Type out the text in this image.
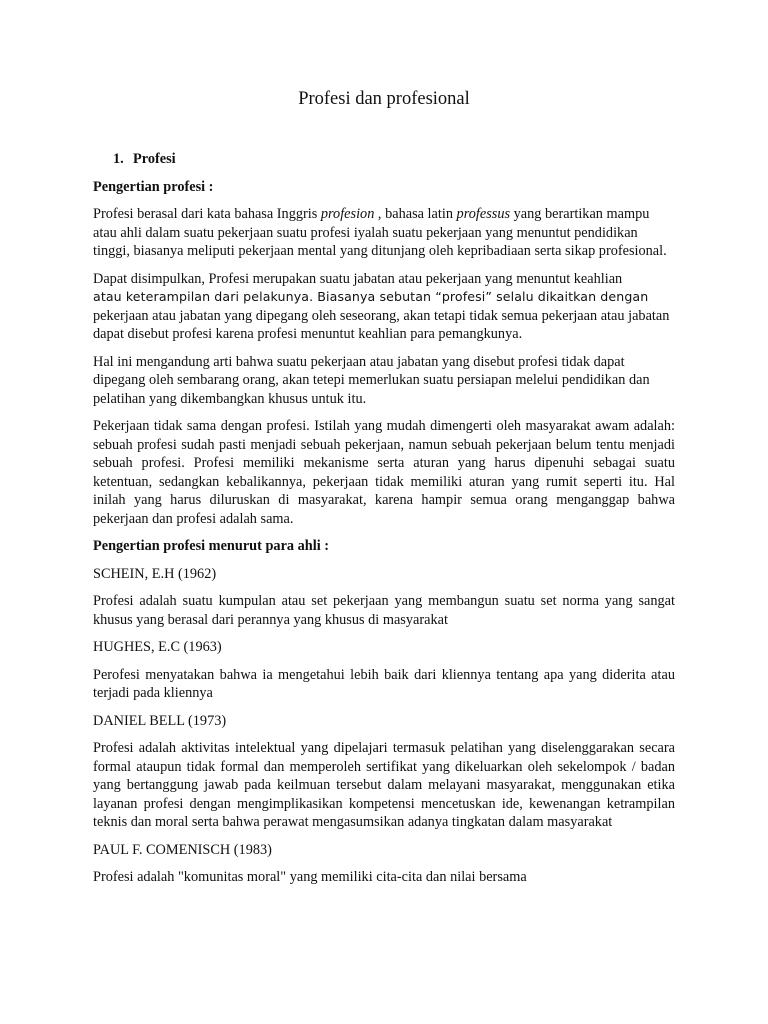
Profesi dan profesional
1. Profesi
Pengertian profesi :

Profesi berasal dari kata bahasa Inggris profesion , bahasa latin professus yang berartikan mampu atau ahli dalam suatu pekerjaan suatu profesi iyalah suatu pekerjaan yang menuntut pendidikan tinggi, biasanya meliputi pekerjaan mental yang ditunjang oleh kepribadiaan serta sikap profesional.

Dapat disimpulkan, Profesi merupakan suatu jabatan atau pekerjaan yang menuntut keahlian
atau keterampilan dari pelakunya. Biasanya sebutan “profesi” selalu dikaitkan dengan
pekerjaan atau jabatan yang dipegang oleh seseorang, akan tetapi tidak semua pekerjaan atau jabatan dapat disebut profesi karena profesi menuntut keahlian para pemangkunya.

Hal ini mengandung arti bahwa suatu pekerjaan atau jabatan yang disebut profesi tidak dapat dipegang oleh sembarang orang, akan tetepi memerlukan suatu persiapan melelui pendidikan dan pelatihan yang dikembangkan khusus untuk itu.

Pekerjaan tidak sama dengan profesi. Istilah yang mudah dimengerti oleh masyarakat awam adalah: sebuah profesi sudah pasti menjadi sebuah pekerjaan, namun sebuah pekerjaan belum tentu menjadi sebuah profesi. Profesi memiliki mekanisme serta aturan yang harus dipenuhi sebagai suatu ketentuan, sedangkan kebalikannya, pekerjaan tidak memiliki aturan yang rumit seperti itu. Hal inilah yang harus diluruskan di masyarakat, karena hampir semua orang menganggap bahwa pekerjaan dan profesi adalah sama.

Pengertian profesi menurut para ahli :
SCHEIN, E.H (1962)

Profesi adalah suatu kumpulan atau set pekerjaan yang membangun suatu set norma yang sangat khusus yang berasal dari perannya yang khusus di masyarakat

HUGHES, E.C (1963)

Perofesi menyatakan bahwa ia mengetahui lebih baik dari kliennya tentang apa yang diderita atau terjadi pada kliennya

DANIEL BELL (1973)

Profesi adalah aktivitas intelektual yang dipelajari termasuk pelatihan yang diselenggarakan secara formal ataupun tidak formal dan memperoleh sertifikat yang dikeluarkan oleh sekelompok / badan yang bertanggung jawab pada keilmuan tersebut dalam melayani masyarakat, menggunakan etika layanan profesi dengan mengimplikasikan kompetensi mencetuskan ide, kewenangan ketrampilan teknis dan moral serta bahwa perawat mengasumsikan adanya tingkatan dalam masyarakat

PAUL F. COMENISCH (1983)

Profesi adalah "komunitas moral" yang memiliki cita-cita dan nilai bersama
